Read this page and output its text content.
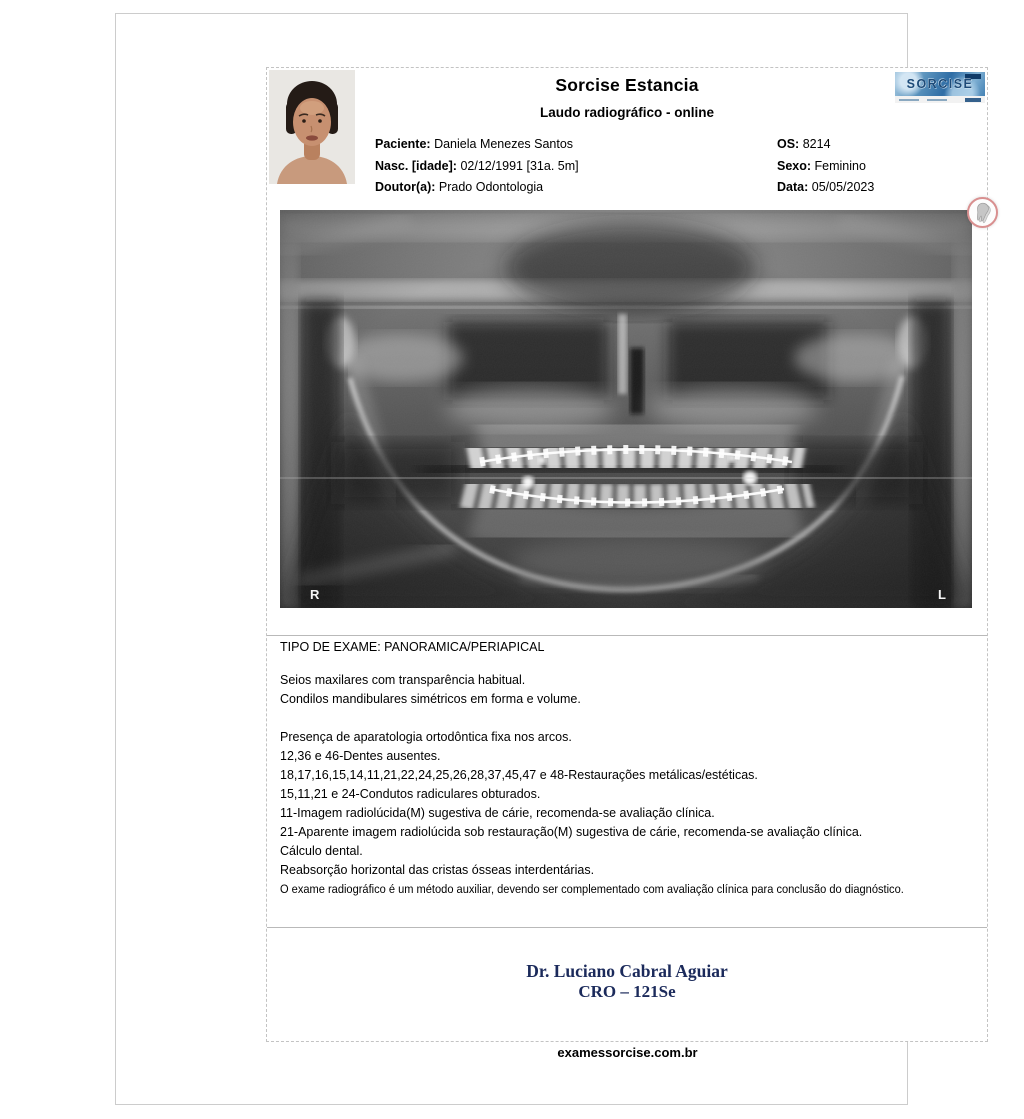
Sorcise Estancia
Laudo radiográfico - online
SORCISE
Paciente: Daniela Menezes Santos
Nasc. [idade]: 02/12/1991 [31a. 5m]
Doutor(a): Prado Odontologia
OS: 8214
Sexo: Feminino
Data: 05/05/2023
R	L
TIPO DE EXAME: PANORAMICA/PERIAPICAL
Seios maxilares com transparência habitual.
Condilos mandibulares simétricos em forma e volume.
Presença de aparatologia ortodôntica fixa nos arcos.
12,36 e 46-Dentes ausentes.
18,17,16,15,14,11,21,22,24,25,26,28,37,45,47 e 48-Restaurações metálicas/estéticas.
15,11,21 e 24-Condutos radiculares obturados.
11-Imagem radiolúcida(M) sugestiva de cárie, recomenda-se avaliação clínica.
21-Aparente imagem radiolúcida sob restauração(M) sugestiva de cárie, recomenda-se avaliação clínica.
Cálculo dental.
Reabsorção horizontal das cristas ósseas interdentárias.
O exame radiográfico é um método auxiliar, devendo ser complementado com avaliação clínica para conclusão do diagnóstico.
Dr. Luciano Cabral Aguiar
CRO – 121Se
examessorcise.com.br
